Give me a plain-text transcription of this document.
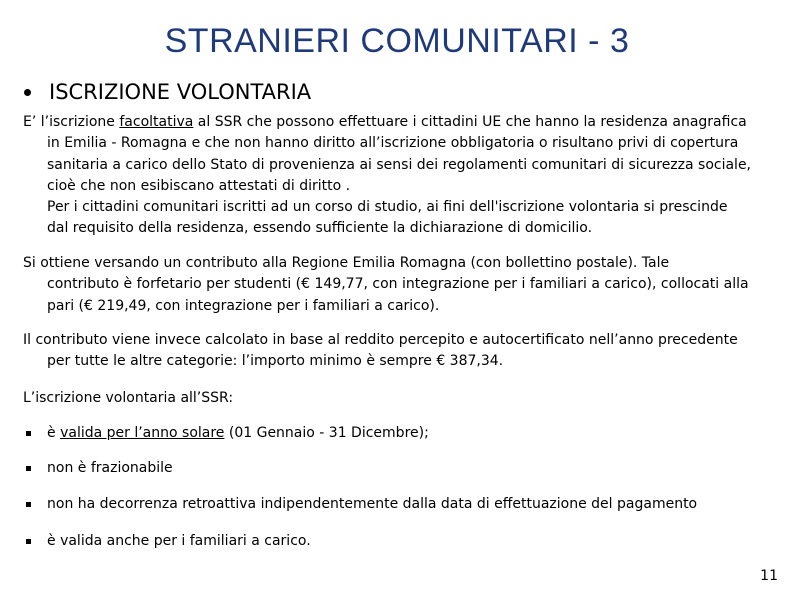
STRANIERI COMUNITARI - 3
ISCRIZIONE VOLONTARIA
E’ l’iscrizione facoltativa al SSR che possono effettuare i cittadini UE che hanno la residenza anagrafica
in Emilia - Romagna e che non hanno diritto all’iscrizione obbligatoria o risultano privi di copertura
sanitaria a carico dello Stato di provenienza ai sensi dei regolamenti comunitari di sicurezza sociale,
cioè che non esibiscano attestati di diritto .
Per i cittadini comunitari iscritti ad un corso di studio, ai fini dell'iscrizione volontaria si prescinde
dal requisito della residenza, essendo sufficiente la dichiarazione di domicilio.
Si ottiene versando un contributo alla Regione Emilia Romagna (con bollettino postale). Tale
contributo è forfetario per studenti (€ 149,77, con integrazione per i familiari a carico), collocati alla
pari (€ 219,49, con integrazione per i familiari a carico).
Il contributo viene invece calcolato in base al reddito percepito e autocertificato nell’anno precedente
per tutte le altre categorie: l’importo minimo è sempre € 387,34.
L’iscrizione volontaria all’SSR:
è valida per l’anno solare (01 Gennaio - 31 Dicembre);
non è frazionabile
non ha decorrenza retroattiva indipendentemente dalla data di effettuazione del pagamento
è valida anche per i familiari a carico.
11
